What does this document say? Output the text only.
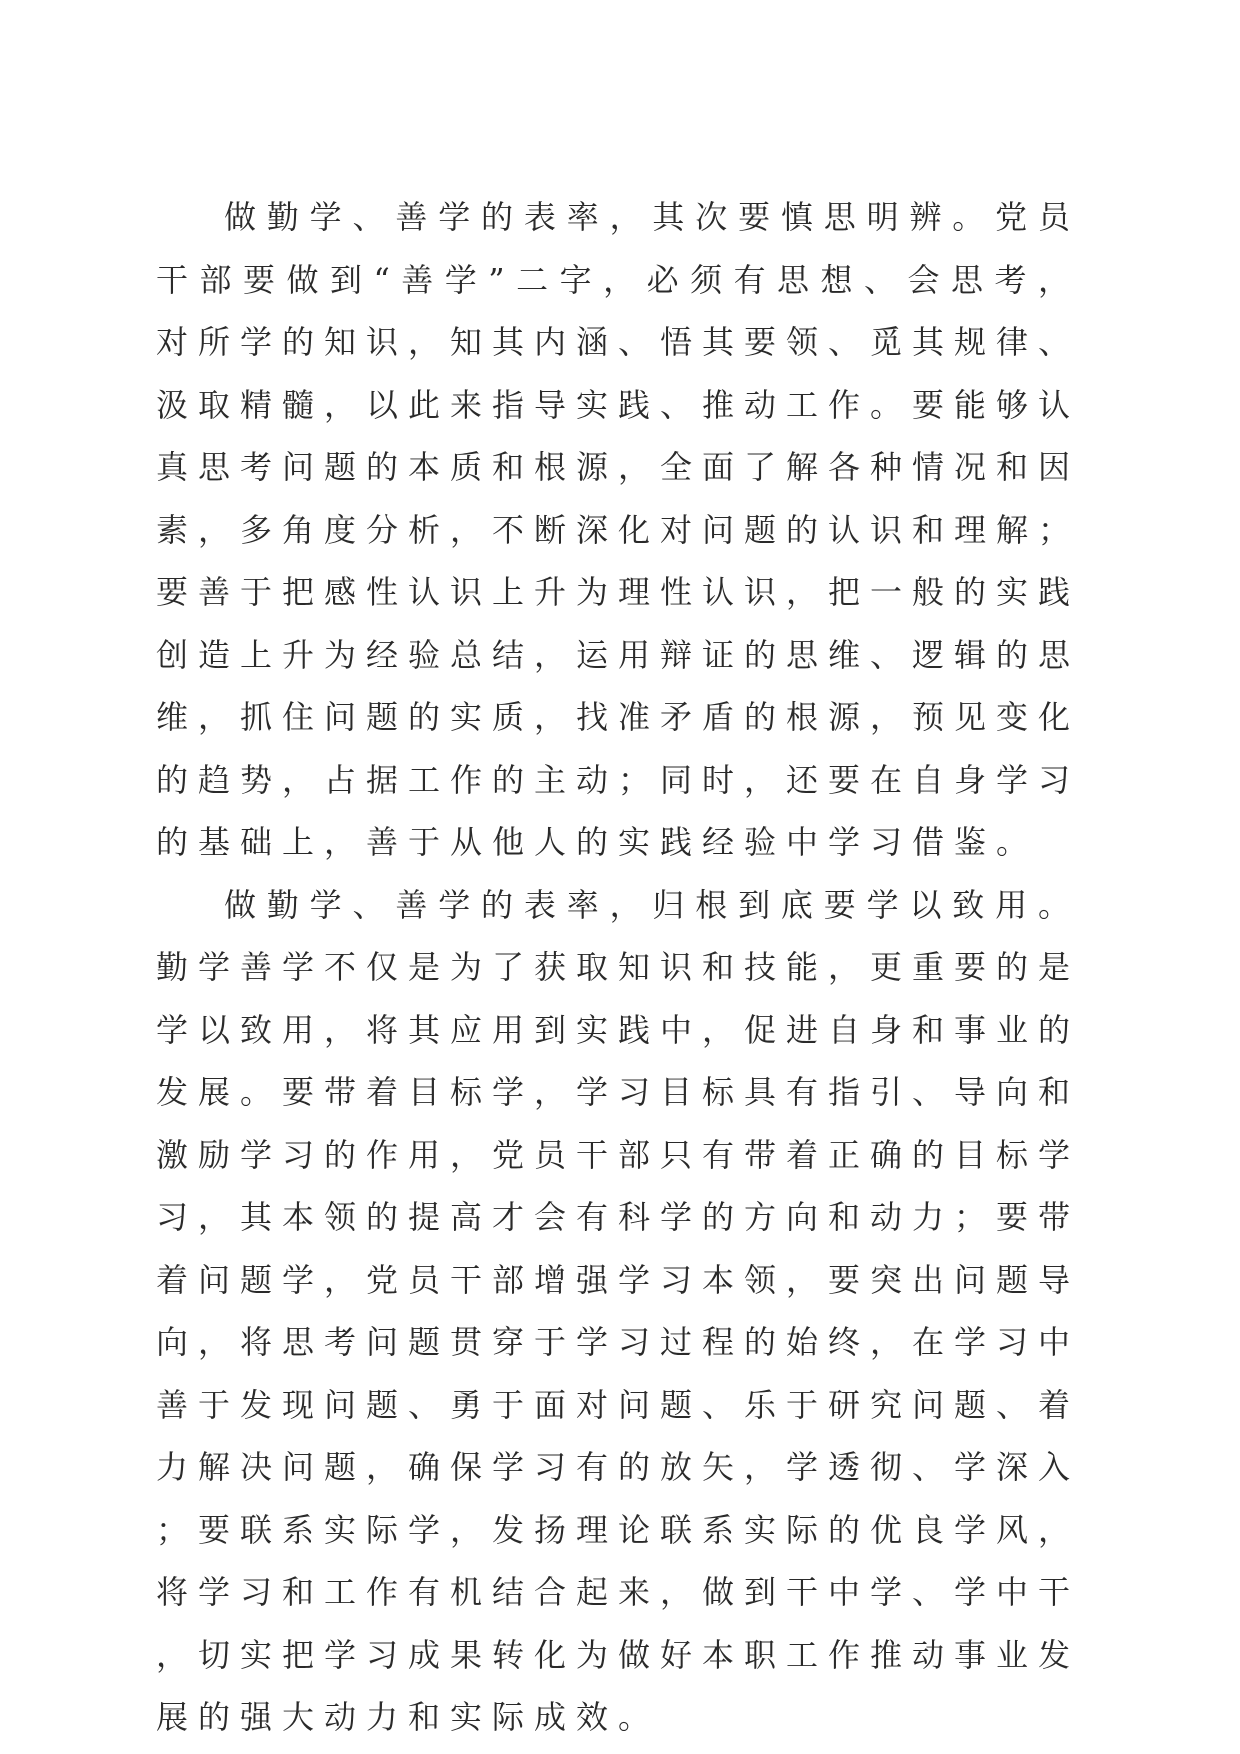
做勤学、善学的表率，其次要慎思明辨。党员干部要做到“善学”二字，必须有思想、会思考，对所学的知识，知其内涵、悟其要领、觅其规律、汲取精髓，以此来指导实践、推动工作。要能够认真思考问题的本质和根源，全面了解各种情况和因素，多角度分析，不断深化对问题的认识和理解；要善于把感性认识上升为理性认识，把一般的实践创造上升为经验总结，运用辩证的思维、逻辑的思维，抓住问题的实质，找准矛盾的根源，预见变化的趋势，占据工作的主动；同时，还要在自身学习的基础上，善于从他人的实践经验中学习借鉴。

做勤学、善学的表率，归根到底要学以致用。勤学善学不仅是为了获取知识和技能，更重要的是学以致用，将其应用到实践中，促进自身和事业的发展。要带着目标学，学习目标具有指引、导向和激励学习的作用，党员干部只有带着正确的目标学习，其本领的提高才会有科学的方向和动力；要带着问题学，党员干部增强学习本领，要突出问题导向，将思考问题贯穿于学习过程的始终，在学习中善于发现问题、勇于面对问题、乐于研究问题、着力解决问题，确保学习有的放矢，学透彻、学深入；要联系实际学，发扬理论联系实际的优良学风，将学习和工作有机结合起来，做到干中学、学中干，切实把学习成果转化为做好本职工作推动事业发展的强大动力和实际成效。
